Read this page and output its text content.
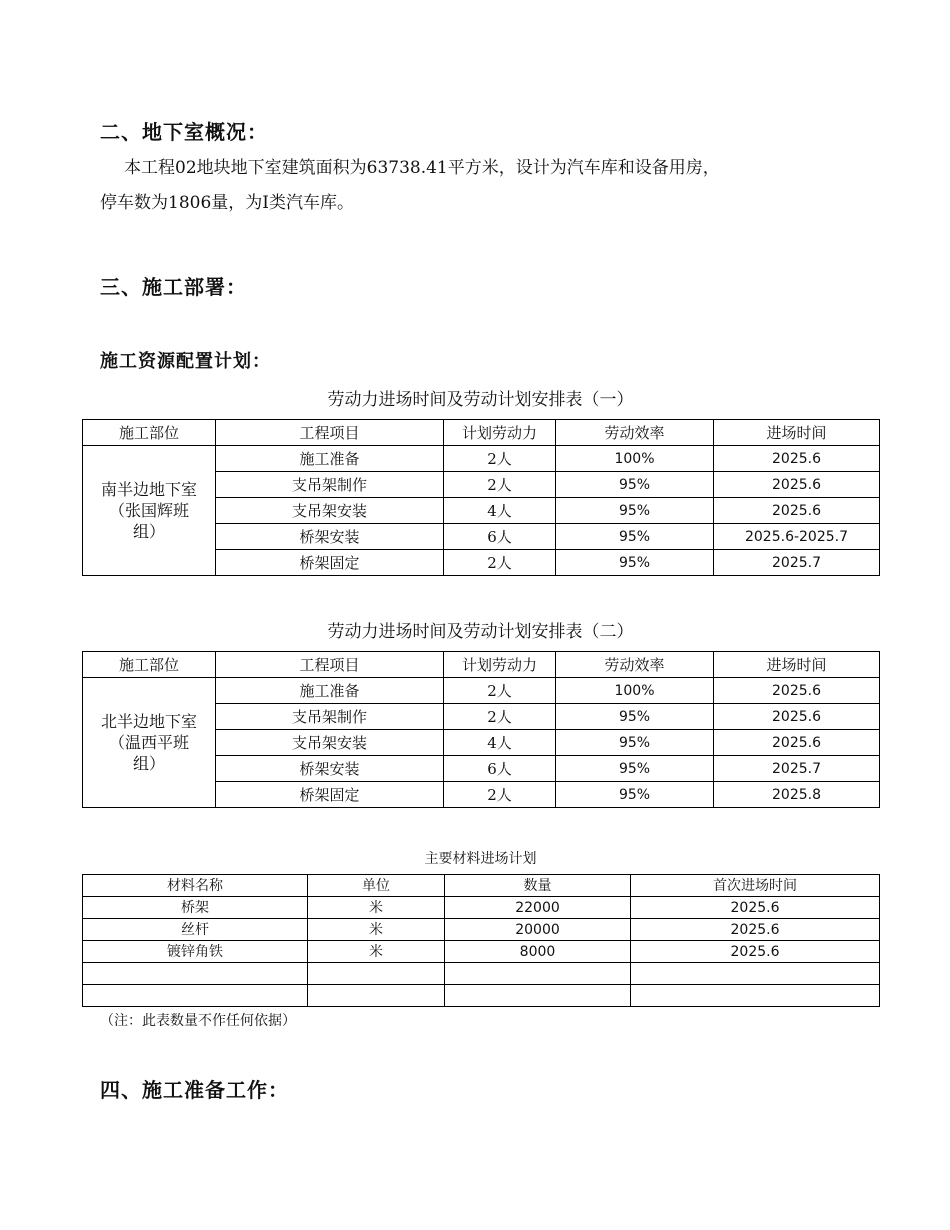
二、地下室概况：
本工程02地块地下室建筑面积为63738.41平方米，设计为汽车库和设备用房，
停车数为1806量，为Ⅰ类汽车库。
三、施工部署：
施工资源配置计划：
劳动力进场时间及劳动计划安排表（一）
施工部位	工程项目	计划劳动力	劳动效率	进场时间

南半边地下室
（张国辉班
组）	施工准备	2人	100%	2025.6
	支吊架制作	2人	95%	2025.6
	支吊架安装	4人	95%	2025.6
	桥架安装	6人	95%	2025.6-2025.7
	桥架固定	2人	95%	2025.7
劳动力进场时间及劳动计划安排表（二）
施工部位	工程项目	计划劳动力	劳动效率	进场时间

北半边地下室
（温西平班
组）	施工准备	2人	100%	2025.6
	支吊架制作	2人	95%	2025.6
	支吊架安装	4人	95%	2025.6
	桥架安装	6人	95%	2025.7
	桥架固定	2人	95%	2025.8
主要材料进场计划
材料名称	单位	数量	首次进场时间
桥架	米	22000	2025.6
丝杆	米	20000	2025.6
镀锌角铁	米	8000	2025.6

（注：此表数量不作任何依据）
四、施工准备工作：
